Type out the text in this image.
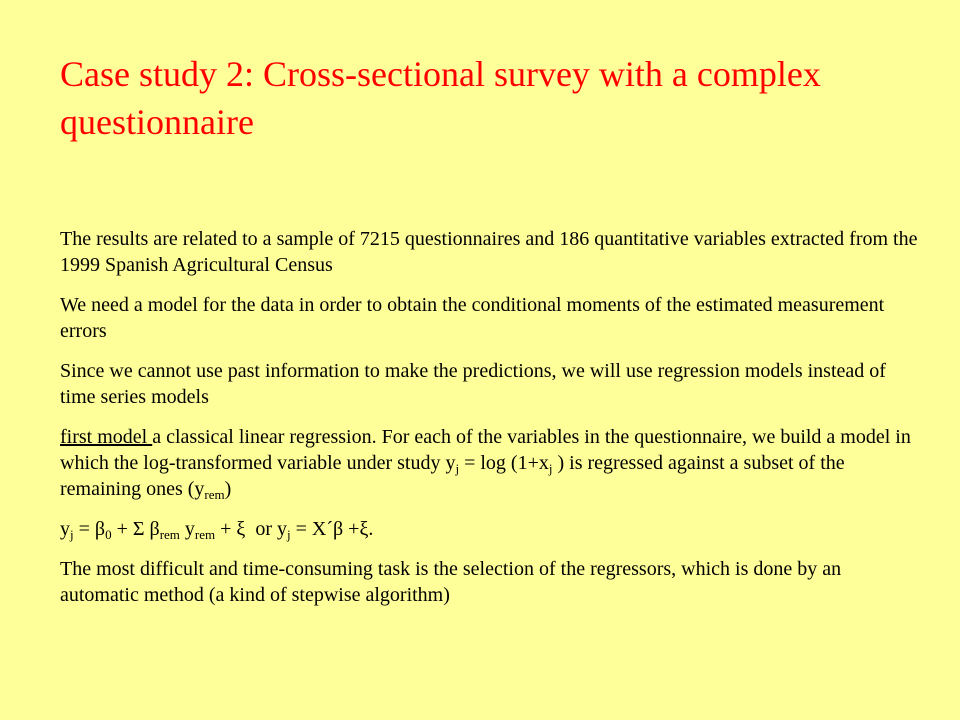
Case study 2: Cross-sectional survey with a complex questionnaire

The results are related to a sample of 7215 questionnaires and 186 quantitative variables extracted from the 1999 Spanish Agricultural Census

We need a model for the data in order to obtain the conditional moments of the estimated measurement errors

Since we cannot use past information to make the predictions, we will use regression models instead of time series models

first model a classical linear regression. For each of the variables in the questionnaire, we build a model in which the log-transformed variable under study $y_j = \log (1+x_j$ ) is regressed against a subset of the remaining ones $(y_{rem})$

$y_j = \beta_0 + \Sigma$ $\beta_{rem}$ $y_{rem} + \xi$  or $y_j$ = X´β +ξ.

The most difficult and time-consuming task is the selection of the regressors, which is done by an automatic method (a kind of stepwise algorithm)
